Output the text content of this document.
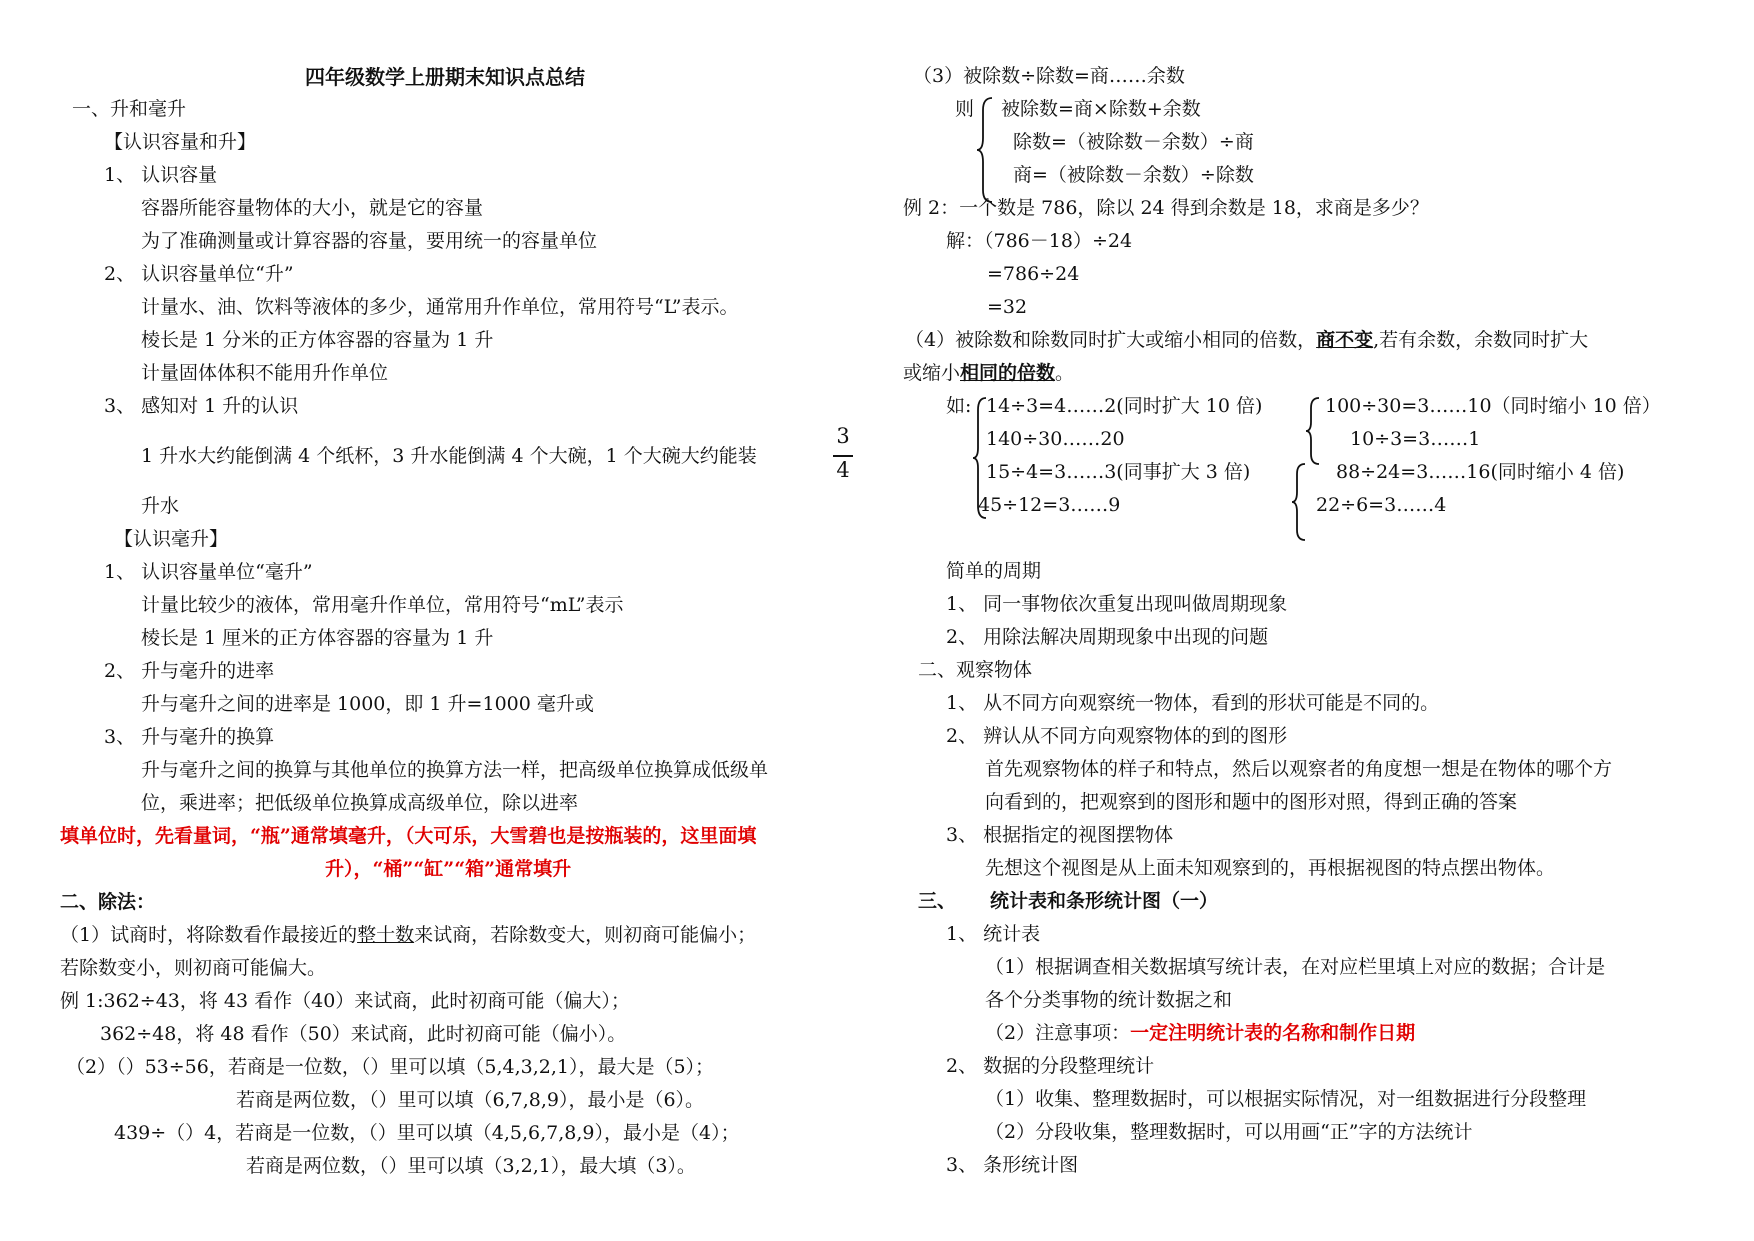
四年级数学上册期末知识点总结
一、升和毫升
【认识容量和升】
1、 认识容量
容器所能容量物体的大小，就是它的容量
为了准确测量或计算容器的容量，要用统一的容量单位
2、 认识容量单位“升”
计量水、油、饮料等液体的多少，通常用升作单位，常用符号“L”表示。
棱长是 1 分米的正方体容器的容量为 1 升
计量固体体积不能用升作单位
3、 感知对 1 升的认识
1 升水大约能倒满 4 个纸杯，3 升水能倒满 4 个大碗，1 个大碗大约能装
3
4
升水
【认识毫升】
1、 认识容量单位“毫升”
计量比较少的液体，常用毫升作单位，常用符号“mL”表示
棱长是 1 厘米的正方体容器的容量为 1 升
2、 升与毫升的进率
升与毫升之间的进率是 1000，即 1 升=1000 毫升或
3、 升与毫升的换算
升与毫升之间的换算与其他单位的换算方法一样，把高级单位换算成低级单
位，乘进率；把低级单位换算成高级单位，除以进率
填单位时，先看量词，“瓶”通常填毫升，（大可乐，大雪碧也是按瓶装的，这里面填
升），“桶”“缸”“箱”通常填升
二、除法：
（1）试商时，将除数看作最接近的整十数来试商，若除数变大，则初商可能偏小；
若除数变小，则初商可能偏大。
例 1:362÷43，将 43 看作（40）来试商，此时初商可能（偏大）；
362÷48，将 48 看作（50）来试商，此时初商可能（偏小）。
（2）（）53÷56，若商是一位数，（）里可以填（5,4,3,2,1），最大是（5）；
若商是两位数，（）里可以填（6,7,8,9），最小是（6）。
439÷（）4，若商是一位数，（）里可以填（4,5,6,7,8,9），最小是（4）；
若商是两位数，（）里可以填（3,2,1），最大填（3）。
（3）被除数÷除数=商……余数
则 被除数=商×除数+余数
除数=（被除数－余数）÷商
商=（被除数－余数）÷除数
例 2：一个数是 786，除以 24 得到余数是 18，求商是多少？
解：（786－18）÷24
=786÷24
=32
（4）被除数和除数同时扩大或缩小相同的倍数，商不变,若有余数，余数同时扩大
或缩小相同的倍数。
如: 14÷3=4……2(同时扩大 10 倍)
140÷30……20
15÷4=3……3(同事扩大 3 倍)
45÷12=3……9
100÷30=3……10（同时缩小 10 倍）
10÷3=3……1
88÷24=3……16(同时缩小 4 倍)
22÷6=3……4
简单的周期
1、 同一事物依次重复出现叫做周期现象
2、 用除法解决周期现象中出现的问题
二、观察物体
1、 从不同方向观察统一物体，看到的形状可能是不同的。
2、 辨认从不同方向观察物体的到的图形
首先观察物体的样子和特点，然后以观察者的角度想一想是在物体的哪个方
向看到的，把观察到的图形和题中的图形对照，得到正确的答案
3、 根据指定的视图摆物体
先想这个视图是从上面未知观察到的，再根据视图的特点摆出物体。
三、 统计表和条形统计图（一）
1、 统计表
（1）根据调查相关数据填写统计表，在对应栏里填上对应的数据；合计是
各个分类事物的统计数据之和
（2）注意事项：一定注明统计表的名称和制作日期
2、 数据的分段整理统计
（1）收集、整理数据时，可以根据实际情况，对一组数据进行分段整理
（2）分段收集，整理数据时，可以用画“正”字的方法统计
3、 条形统计图
